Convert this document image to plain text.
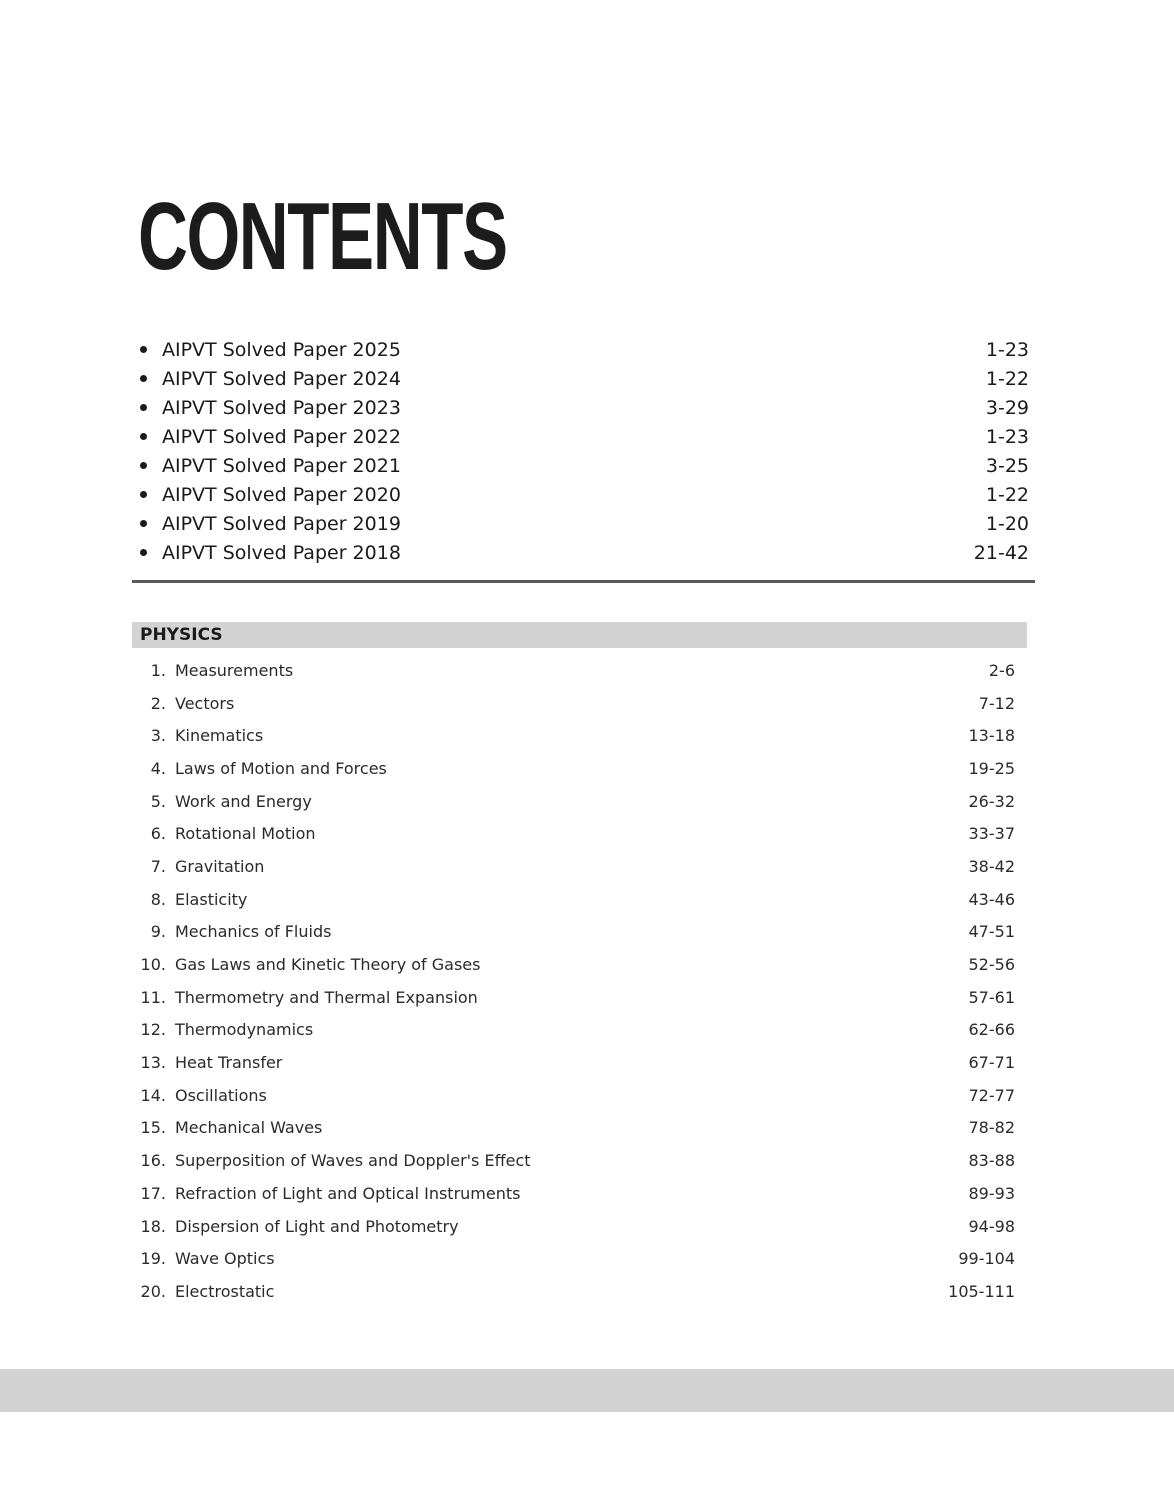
CONTENTS
AIPVT Solved Paper 2025	1-23
AIPVT Solved Paper 2024	1-22
AIPVT Solved Paper 2023	3-29
AIPVT Solved Paper 2022	1-23
AIPVT Solved Paper 2021	3-25
AIPVT Solved Paper 2020	1-22
AIPVT Solved Paper 2019	1-20
AIPVT Solved Paper 2018	21-42
PHYSICS
1. Measurements	2-6
2. Vectors	7-12
3. Kinematics	13-18
4. Laws of Motion and Forces	19-25
5. Work and Energy	26-32
6. Rotational Motion	33-37
7. Gravitation	38-42
8. Elasticity	43-46
9. Mechanics of Fluids	47-51
10. Gas Laws and Kinetic Theory of Gases	52-56
11. Thermometry and Thermal Expansion	57-61
12. Thermodynamics	62-66
13. Heat Transfer	67-71
14. Oscillations	72-77
15. Mechanical Waves	78-82
16. Superposition of Waves and Doppler's Effect	83-88
17. Refraction of Light and Optical Instruments	89-93
18. Dispersion of Light and Photometry	94-98
19. Wave Optics	99-104
20. Electrostatic	105-111
